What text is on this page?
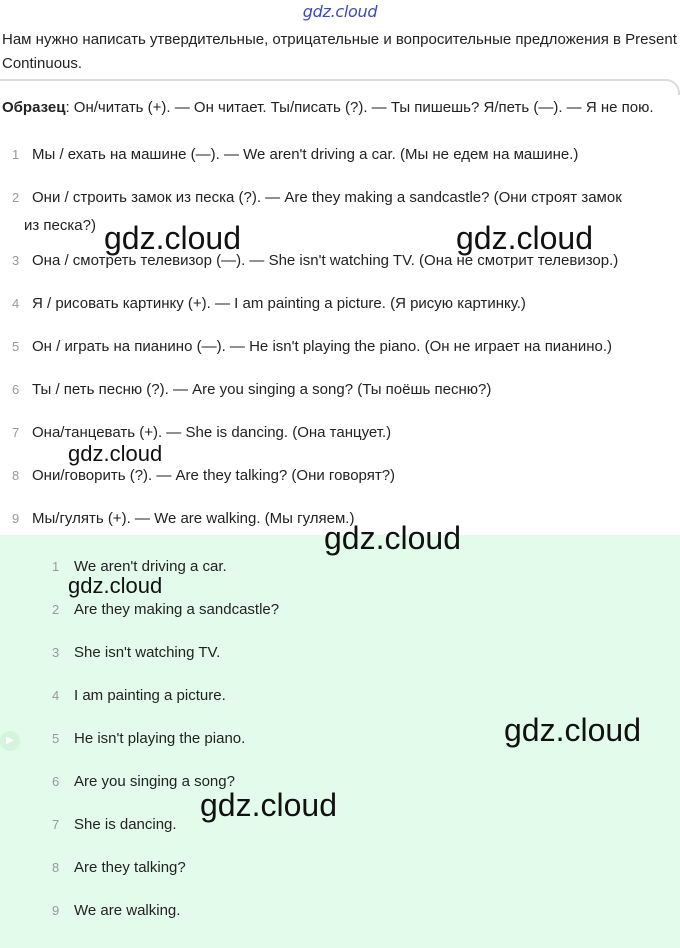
gdz.cloud
Нам нужно написать утвердительные, отрицательные и вопросительные предложения в Present Continuous.
Образец: Он/читать (+). — Он читает. Ты/писать (?). — Ты пишешь? Я/петь (—). — Я не пою.
1 Мы / ехать на машине (—). — We aren't driving a car. (Мы не едем на машине.)
2 Они / строить замок из песка (?). — Are they making a sandcastle? (Они строят замок
из песка?)
3 Она / смотреть телевизор (—). — She isn't watching TV. (Она не смотрит телевизор.)
4 Я / рисовать картинку (+). — I am painting a picture. (Я рисую картинку.)
5 Он / играть на пианино (—). — He isn't playing the piano. (Он не играет на пианино.)
6 Ты / петь песню (?). — Are you singing a song? (Ты поёшь песню?)
7 Она/танцевать (+). — She is dancing. (Она танцует.)
8 Они/говорить (?). — Are they talking? (Они говорят?)
9 Мы/гулять (+). — We are walking. (Мы гуляем.)
▶
1 We aren't driving a car.
2 Are they making a sandcastle?
3 She isn't watching TV.
4 I am painting a picture.
5 He isn't playing the piano.
6 Are you singing a song?
7 She is dancing.
8 Are they talking?
9 We are walking.
gdz.cloud	gdz.cloud
gdz.cloud
gdz.cloud
gdz.cloud
gdz.cloud
gdz.cloud
